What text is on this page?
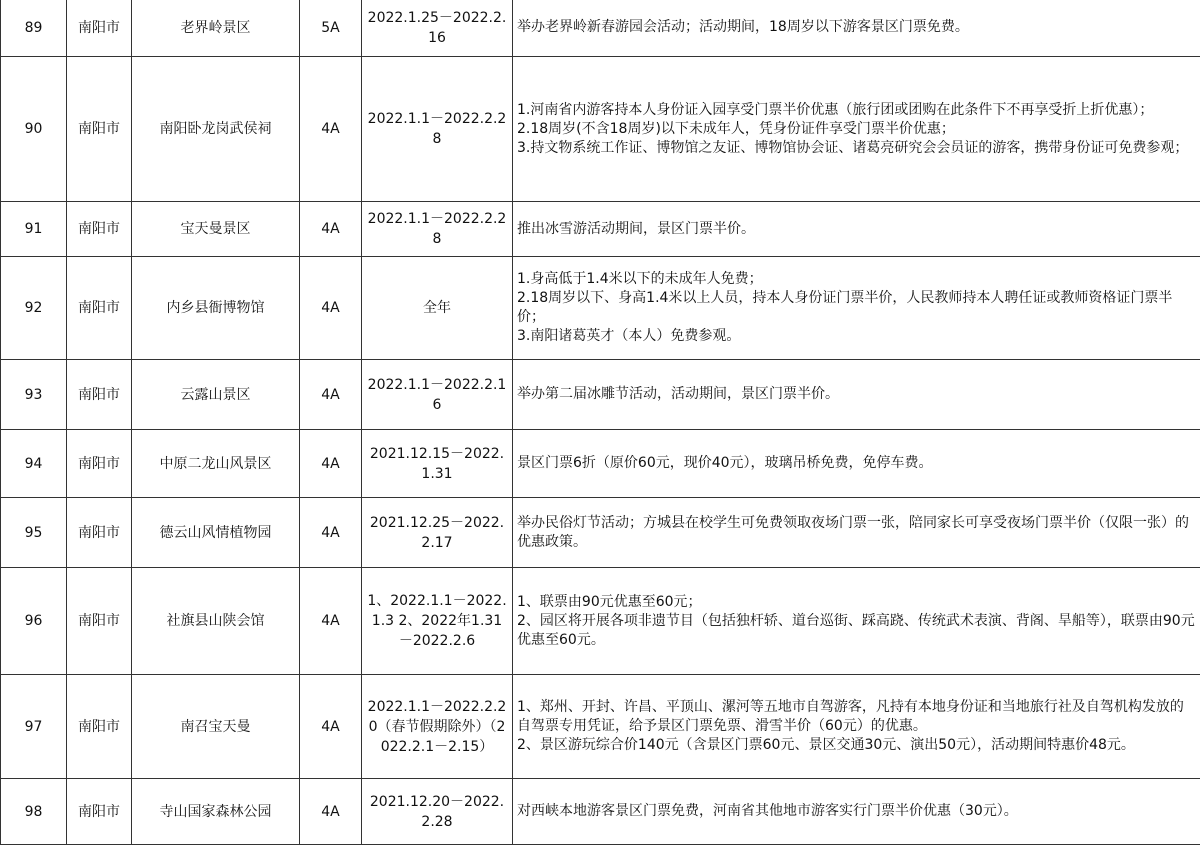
89	南阳市	老界岭景区	5A	2022.1.25－2022.2.16	举办老界岭新春游园会活动；活动期间，18周岁以下游客景区门票免费。
90	南阳市	南阳卧龙岗武侯祠	4A	2022.1.1－2022.2.28	1.河南省内游客持本人身份证入园享受门票半价优惠（旅行团或团购在此条件下不再享受折上折优惠）；
2.18周岁(不含18周岁)以下未成年人，凭身份证件享受门票半价优惠；
3.持文物系统工作证、博物馆之友证、博物馆协会证、诸葛亮研究会会员证的游客，携带身份证可免费参观；
91	南阳市	宝天曼景区	4A	2022.1.1－2022.2.28	推出冰雪游活动期间，景区门票半价。
92	南阳市	内乡县衙博物馆	4A	全年	1.身高低于1.4米以下的未成年人免费；
2.18周岁以下、身高1.4米以上人员，持本人身份证门票半价，人民教师持本人聘任证或教师资格证门票半价；
3.南阳诸葛英才（本人）免费参观。
93	南阳市	云露山景区	4A	2022.1.1－2022.2.16	举办第二届冰雕节活动，活动期间，景区门票半价。
94	南阳市	中原二龙山风景区	4A	2021.12.15－2022.1.31	景区门票6折（原价60元，现价40元），玻璃吊桥免费，免停车费。
95	南阳市	德云山风情植物园	4A	2021.12.25－2022.2.17	举办民俗灯节活动；方城县在校学生可免费领取夜场门票一张，陪同家长可享受夜场门票半价（仅限一张）的优惠政策。
96	南阳市	社旗县山陕会馆	4A	1、2022.1.1－2022.1.3 2、2022年1.31－2022.2.6	1、联票由90元优惠至60元；
2、园区将开展各项非遗节目（包括独杆轿、道台巡街、踩高跷、传统武术表演、背阁、旱船等），联票由90元优惠至60元。
97	南阳市	南召宝天曼	4A	2022.1.1－2022.2.20（春节假期除外）（2022.2.1－2.15）	1、郑州、开封、许昌、平顶山、漯河等五地市自驾游客，凡持有本地身份证和当地旅行社及自驾机构发放的自驾票专用凭证，给予景区门票免票、滑雪半价（60元）的优惠。
2、景区游玩综合价140元（含景区门票60元、景区交通30元、演出50元），活动期间特惠价48元。
98	南阳市	寺山国家森林公园	4A	2021.12.20－2022.2.28	对西峡本地游客景区门票免费，河南省其他地市游客实行门票半价优惠（30元）。
